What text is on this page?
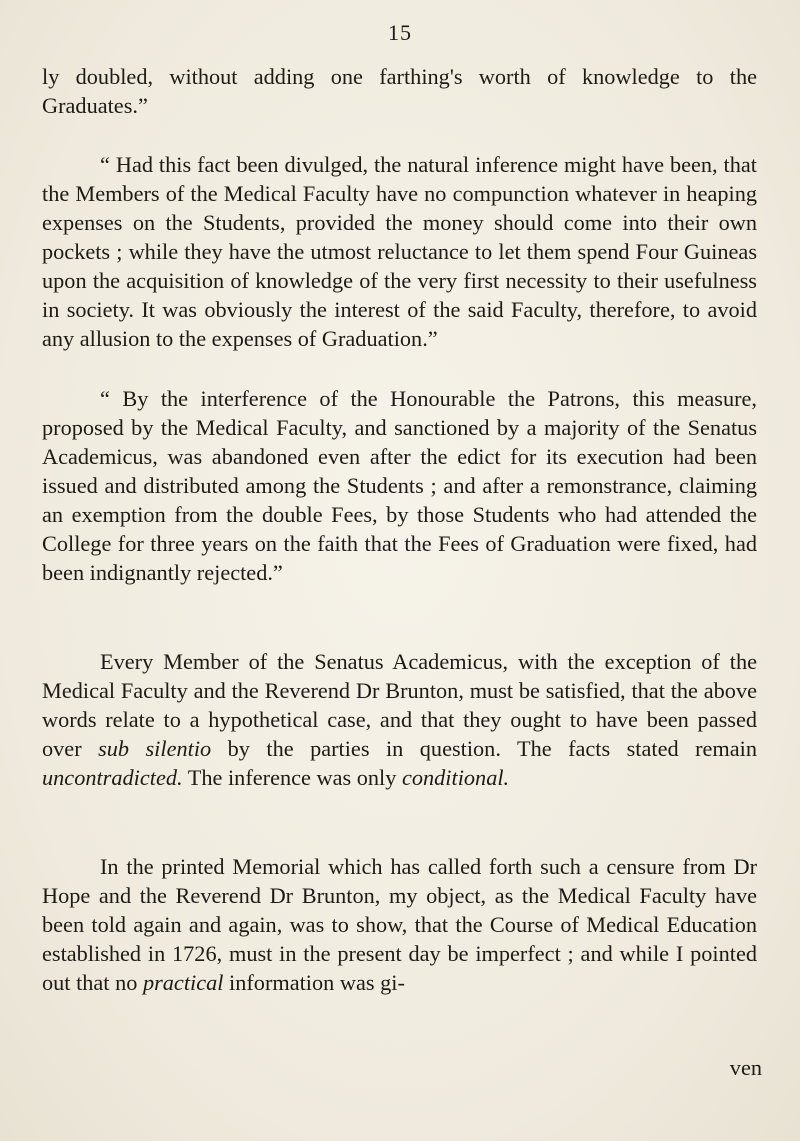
15

ly doubled, without adding one farthing's worth of knowledge to the Graduates.”

“ Had this fact been divulged, the natural inference might have been, that the Members of the Medical Faculty have no compunction whatever in heaping expenses on the Students, provided the money should come into their own pockets ; while they have the utmost reluctance to let them spend Four Guineas upon the acquisition of knowledge of the very first necessity to their usefulness in society. It was obviously the interest of the said Faculty, therefore, to avoid any allusion to the expenses of Graduation.”

“ By the interference of the Honourable the Patrons, this measure, proposed by the Medical Faculty, and sanctioned by a majority of the Senatus Academicus, was abandoned even after the edict for its execution had been issued and distributed among the Students ; and after a remonstrance, claiming an exemption from the double Fees, by those Students who had attended the College for three years on the faith that the Fees of Graduation were fixed, had been indignantly rejected.”

Every Member of the Senatus Academicus, with the exception of the Medical Faculty and the Reverend Dr Brunton, must be satisfied, that the above words relate to a hypothetical case, and that they ought to have been passed over sub silentio by the parties in question. The facts stated remain uncontradicted. The inference was only conditional.

In the printed Memorial which has called forth such a censure from Dr Hope and the Reverend Dr Brunton, my object, as the Medical Faculty have been told again and again, was to show, that the Course of Medical Education established in 1726, must in the present day be imperfect ; and while I pointed out that no practical information was gi-

ven
